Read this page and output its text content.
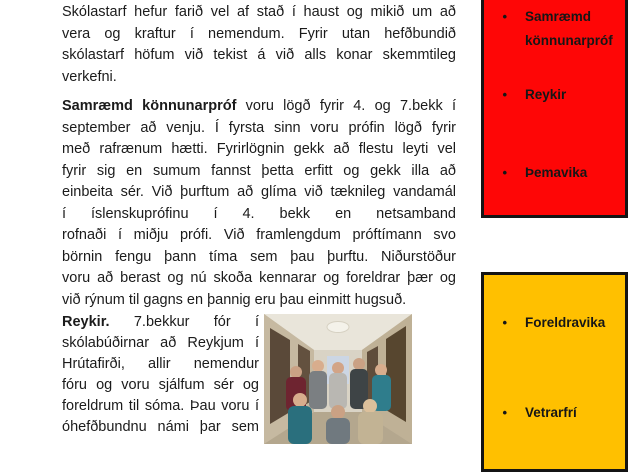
Skólastarf hefur farið vel af stað í haust og mikið um að
vera og kraftur í nemendum. Fyrir utan hefðbundið
skólastarf höfum við tekist á við alls konar skemmtileg
verkefni.
Samræmd könnunarpróf voru lögð fyrir 4. og 7.bekk í
september að venju. Í fyrsta sinn voru prófin lögð fyrir
með rafrænum hætti. Fyrirlögnin gekk að flestu leyti vel
fyrir sig en sumum fannst þetta erfitt og gekk illa að
einbeita sér. Við þurftum að glíma við tæknileg vandamál
í íslenskuprófinu í 4. bekk en netsamband
rofnaði í miðju prófi. Við framlengdum próftímann svo
börnin fengu þann tíma sem þau þurftu. Niðurstöður
voru að berast og nú skoða kennarar og foreldrar þær og
við rýnum til gagns en þannig eru þau einmitt hugsuð.
Reykir. 7.bekkur fór í
skólabúðirnar að Reykjum í
Hrútafirði, allir nemendur
fóru og voru sjálfum sér og
foreldrum til sóma. Þau voru í
óhefðbundnu námi þar sem
• Samræmd könnunarpróf
• Reykir
• Þemavika
• Foreldravika
• Vetrarfrí
